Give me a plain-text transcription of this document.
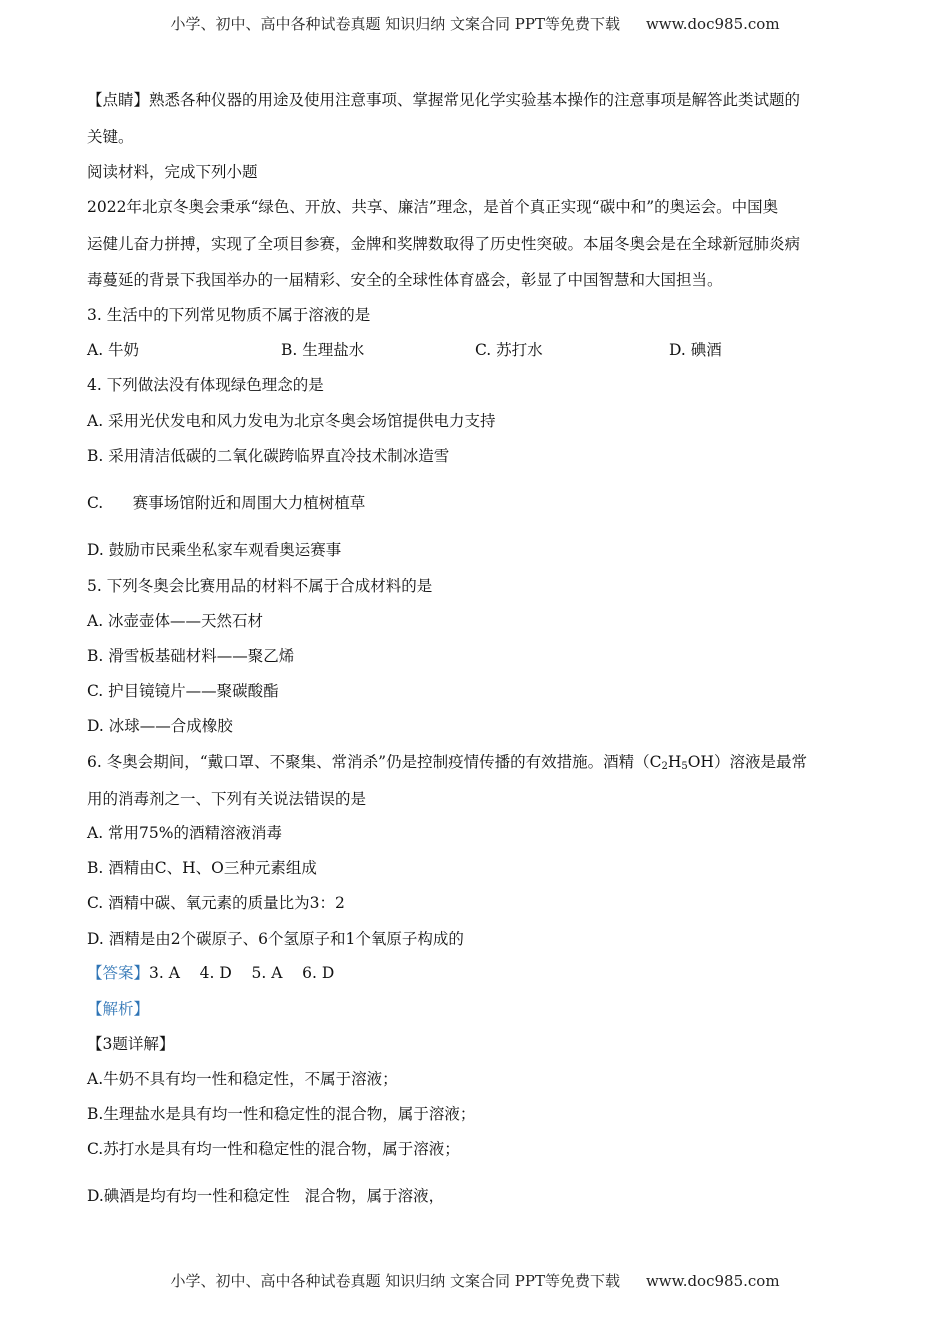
小学、初中、高中各种试卷真题 知识归纳 文案合同 PPT等免费下载 www.doc985.com
【点睛】熟悉各种仪器的用途及使用注意事项、掌握常见化学实验基本操作的注意事项是解答此类试题的
关键。
阅读材料，完成下列小题
2022年北京冬奥会秉承“绿色、开放、共享、廉洁”理念，是首个真正实现“碳中和”的奥运会。中国奥
运健儿奋力拼搏，实现了全项目参赛，金牌和奖牌数取得了历史性突破。本届冬奥会是在全球新冠肺炎病
毒蔓延的背景下我国举办的一届精彩、安全的全球性体育盛会，彰显了中国智慧和大国担当。
3. 生活中的下列常见物质不属于溶液的是
A. 牛奶	B. 生理盐水	C. 苏打水	D. 碘酒
4. 下列做法没有体现绿色理念的是
A. 采用光伏发电和风力发电为北京冬奥会场馆提供电力支持
B. 采用清洁低碳的二氧化碳跨临界直冷技术制冰造雪
C.      赛事场馆附近和周围大力植树植草
D. 鼓励市民乘坐私家车观看奥运赛事
5. 下列冬奥会比赛用品的材料不属于合成材料的是
A. 冰壶壶体——天然石材
B. 滑雪板基础材料——聚乙烯
C. 护目镜镜片——聚碳酸酯
D. 冰球——合成橡胶
6. 冬奥会期间，“戴口罩、不聚集、常消杀”仍是控制疫情传播的有效措施。酒精$(C_2H_5OH)$溶液是最常
用的消毒剂之一、下列有关说法错误的是
A. 常用75%的酒精溶液消毒
B. 酒精由C、H、O三种元素组成
C. 酒精中碳、氧元素的质量比为3：2
D. 酒精是由2个碳原子、6个氢原子和1个氧原子构成的
【答案】3. A    4. D    5. A    6. D
【解析】
【3题详解】
A.牛奶不具有均一性和稳定性，不属于溶液；
B.生理盐水是具有均一性和稳定性的混合物，属于溶液；
C.苏打水是具有均一性和稳定性的混合物，属于溶液；
D.碘酒是均有均一性和稳定性   混合物，属于溶液，
小学、初中、高中各种试卷真题 知识归纳 文案合同 PPT等免费下载 www.doc985.com
